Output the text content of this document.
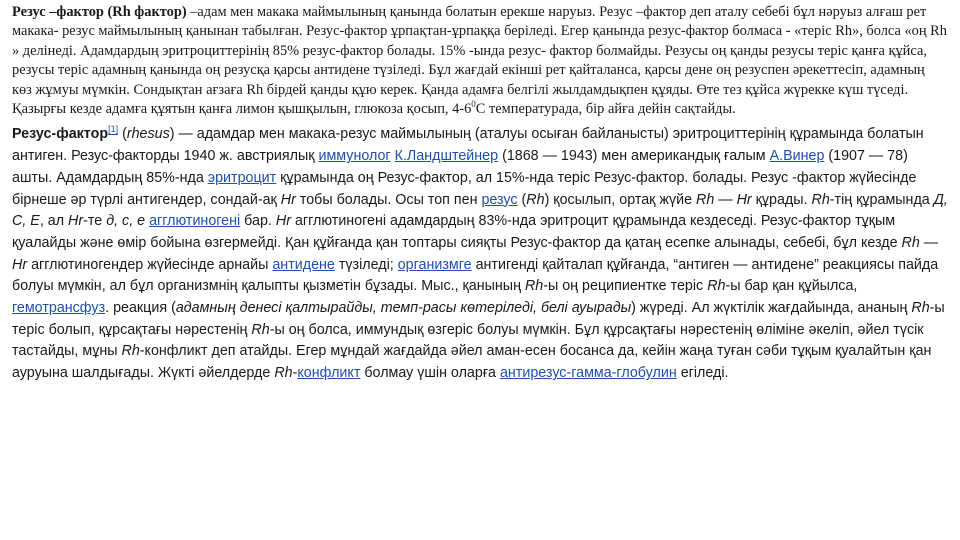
Резус –фактор (Rh фактор) –адам мен макака маймылының қанында болатын ерекше наруыз. Резус –фактор деп аталу себебі бұл нәруыз алғаш рет макака- резус маймылының қанынан табылған. Резус-фактор ұрпақтан-ұрпаққа беріледі. Егер қанында резус-фактор болмаса - «теріс Rh», болса «оң Rh » делінеді. Адамдардың эритроциттерінің 85% резус-фактор болады. 15% -ында резус- фактор болмайды. Резусы оң қанды резусы теріс қанға құйса, резусы теріс адамның қанында оң резусқа қарсы антидене түзіледі. Бұл жағдай екінші рет қайталанса, қарсы дене оң резуспен әрекеттесіп, адамның көз жұмуы мүмкін. Сондықтан ағзаға Rh бірдей қанды құю керек. Қанда адамға белгілі жылдамдықпен құяды. Өте тез құйса жүрекке күш түседі. Қазырғы кезде адамға құятын қанға лимон қышқылын, глюкоза қосып, $4-6^0С$ температурада, бір айға дейін сақтайды.

Резус-фактор[1] (rhesus) — адамдар мен макака-резус маймылының (аталуы осыған байланысты) эритроциттерінің құрамында болатын антиген. Резус-факторды 1940 ж. австриялық иммунолог К.Ландштейнер (1868 — 1943) мен американдық ғалым А.Винер (1907 — 78) ашты. Адамдардың 85%-нда эритроцит құрамында оң Резус-фактор, ал 15%-нда теріс Резус-фактор. болады. Резус -фактор жүйесінде бірнеше әр түрлі антигендер, сондай-ақ Hr тобы болады. Осы топ пен резус (Rh) қосылып, ортақ жүйе Rh — Hr құрады. Rh-тің құрамында Д, С, Е, ал Hr-те д, с, е агглютиногені бар. Hr агглютиногені адамдардың 83%-нда эритроцит құрамында кездеседі. Резус-фактор тұқым қуалайды және өмір бойына өзгермейді. Қан құйғанда қан топтары сияқты Резус-фактор да қатаң есепке алынады, себебі, бұл кезде Rh — Hr агглютиногендер жүйесінде арнайы антидене түзіледі; организмге антигенді қайталап құйғанда, “антиген — антидене” реакциясы пайда болуы мүмкін, ал бұл организмнің қалыпты қызметін бұзады. Мыс., қанының Rh-ы оң реципиентке теріс Rh-ы бар қан құйылса, гемотрансфуз. реакция (адамның денесі қалтырайды, темп-расы көтеріледі, белі ауырады) жүреді. Ал жүктілік жағдайында, ананың Rh-ы теріс болып, құрсақтағы нәрестенің Rh-ы оң болса, иммундық өзгеріс болуы мүмкін. Бұл құрсақтағы нәрестенің өліміне әкеліп, әйел түсік тастайды, мұны Rh-конфликт деп атайды. Егер мұндай жағдайда әйел аман-есен босанса да, кейін жаңа туған сәби тұқым қуалайтын қан ауруына шалдығады. Жүкті әйелдерде Rh-конфликт болмау үшін оларға антирезус-гамма-глобулин егіледі.
